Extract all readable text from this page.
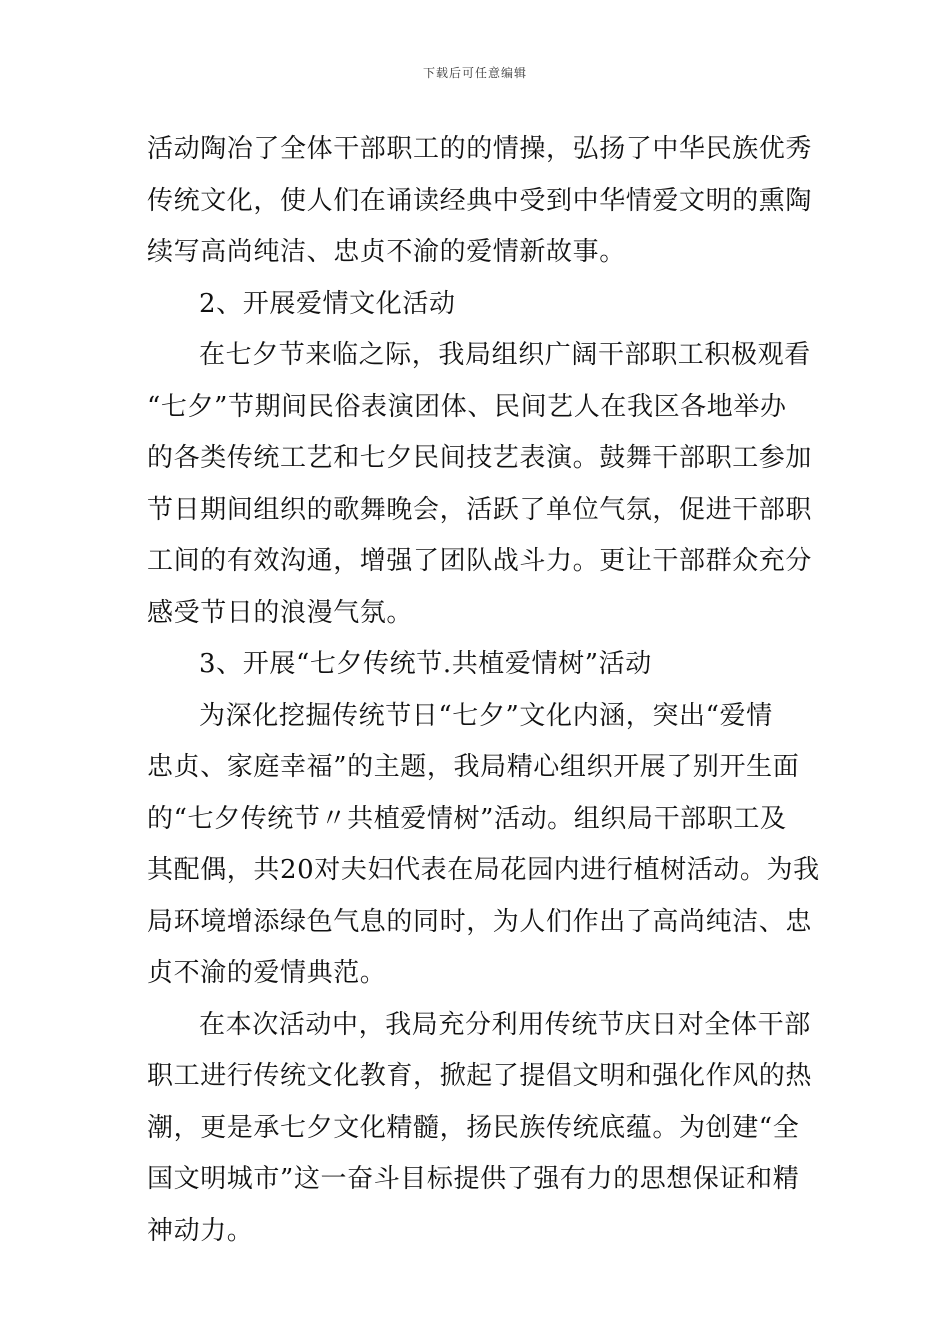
下载后可任意编辑
活动陶冶了全体干部职工的的情操，弘扬了中华民族优秀
传统文化，使人们在诵读经典中受到中华情爱文明的熏陶
续写高尚纯洁、忠贞不渝的爱情新故事。
2、开展爱情文化活动
在七夕节来临之际，我局组织广阔干部职工积极观看
“七夕”节期间民俗表演团体、民间艺人在我区各地举办
的各类传统工艺和七夕民间技艺表演。鼓舞干部职工参加
节日期间组织的歌舞晚会，活跃了单位气氛，促进干部职
工间的有效沟通，增强了团队战斗力。更让干部群众充分
感受节日的浪漫气氛。
3、开展“七夕传统节.共植爱情树”活动
为深化挖掘传统节日“七夕”文化内涵，突出“爱情
忠贞、家庭幸福”的主题，我局精心组织开展了别开生面
的“七夕传统节〃共植爱情树”活动。组织局干部职工及
其配偶，共20对夫妇代表在局花园内进行植树活动。为我
局环境增添绿色气息的同时，为人们作出了高尚纯洁、忠
贞不渝的爱情典范。
在本次活动中，我局充分利用传统节庆日对全体干部
职工进行传统文化教育，掀起了提倡文明和强化作风的热
潮，更是承七夕文化精髓，扬民族传统底蕴。为创建“全
国文明城市”这一奋斗目标提供了强有力的思想保证和精
神动力。
